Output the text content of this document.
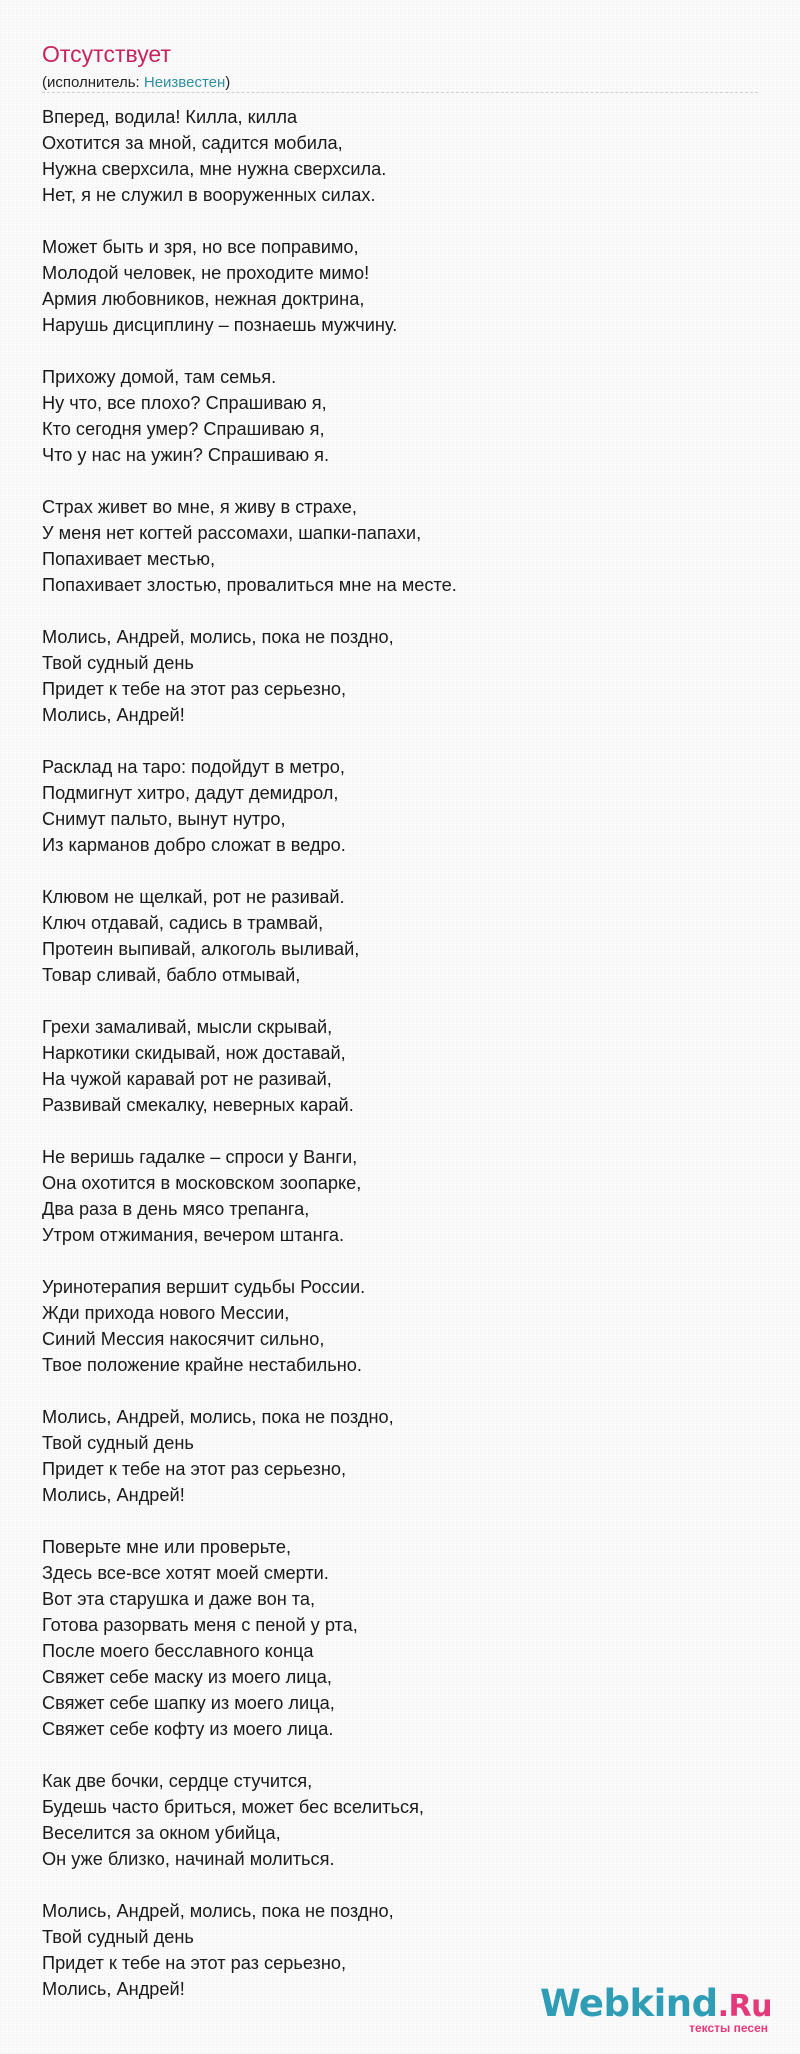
Отсутствует
(исполнитель: Неизвестен)
Вперед, водила! Килла, килла
Охотится за мной, садится мобила,
Нужна сверхсила, мне нужна сверхсила.
Нет, я не служил в вооруженных силах.
Может быть и зря, но все поправимо,
Молодой человек, не проходите мимо!
Армия любовников, нежная доктрина,
Нарушь дисциплину – познаешь мужчину.
Прихожу домой, там семья.
Ну что, все плохо? Спрашиваю я,
Кто сегодня умер? Спрашиваю я,
Что у нас на ужин? Спрашиваю я.
Страх живет во мне, я живу в страхе,
У меня нет когтей рассомахи, шапки-папахи,
Попахивает местью,
Попахивает злостью, провалиться мне на месте.
Молись, Андрей, молись, пока не поздно,
Твой судный день
Придет к тебе на этот раз серьезно,
Молись, Андрей!
Расклад на таро: подойдут в метро,
Подмигнут хитро, дадут демидрол,
Снимут пальто, вынут нутро,
Из карманов добро сложат в ведро.
Клювом не щелкай, рот не разивай.
Ключ отдавай, садись в трамвай,
Протеин выпивай, алкоголь выливай,
Товар сливай, бабло отмывай,
Грехи замаливай, мысли скрывай,
Наркотики скидывай, нож доставай,
На чужой каравай рот не разивай,
Развивай смекалку, неверных карай.
Не веришь гадалке – спроси у Ванги,
Она охотится в московском зоопарке,
Два раза в день мясо трепанга,
Утром отжимания, вечером штанга.
Уринотерапия вершит судьбы России.
Жди прихода нового Мессии,
Синий Мессия накосячит сильно,
Твое положение крайне нестабильно.
Молись, Андрей, молись, пока не поздно,
Твой судный день
Придет к тебе на этот раз серьезно,
Молись, Андрей!
Поверьте мне или проверьте,
Здесь все-все хотят моей смерти.
Вот эта старушка и даже вон та,
Готова разорвать меня с пеной у рта,
После моего бесславного конца
Свяжет себе маску из моего лица,
Свяжет себе шапку из моего лица,
Свяжет себе кофту из моего лица.
Как две бочки, сердце стучится,
Будешь часто бриться, может бес вселиться,
Веселится за окном убийца,
Он уже близко, начинай молиться.
Молись, Андрей, молись, пока не поздно,
Твой судный день
Придет к тебе на этот раз серьезно,
Молись, Андрей!	Webkind.Ru
тексты песен
